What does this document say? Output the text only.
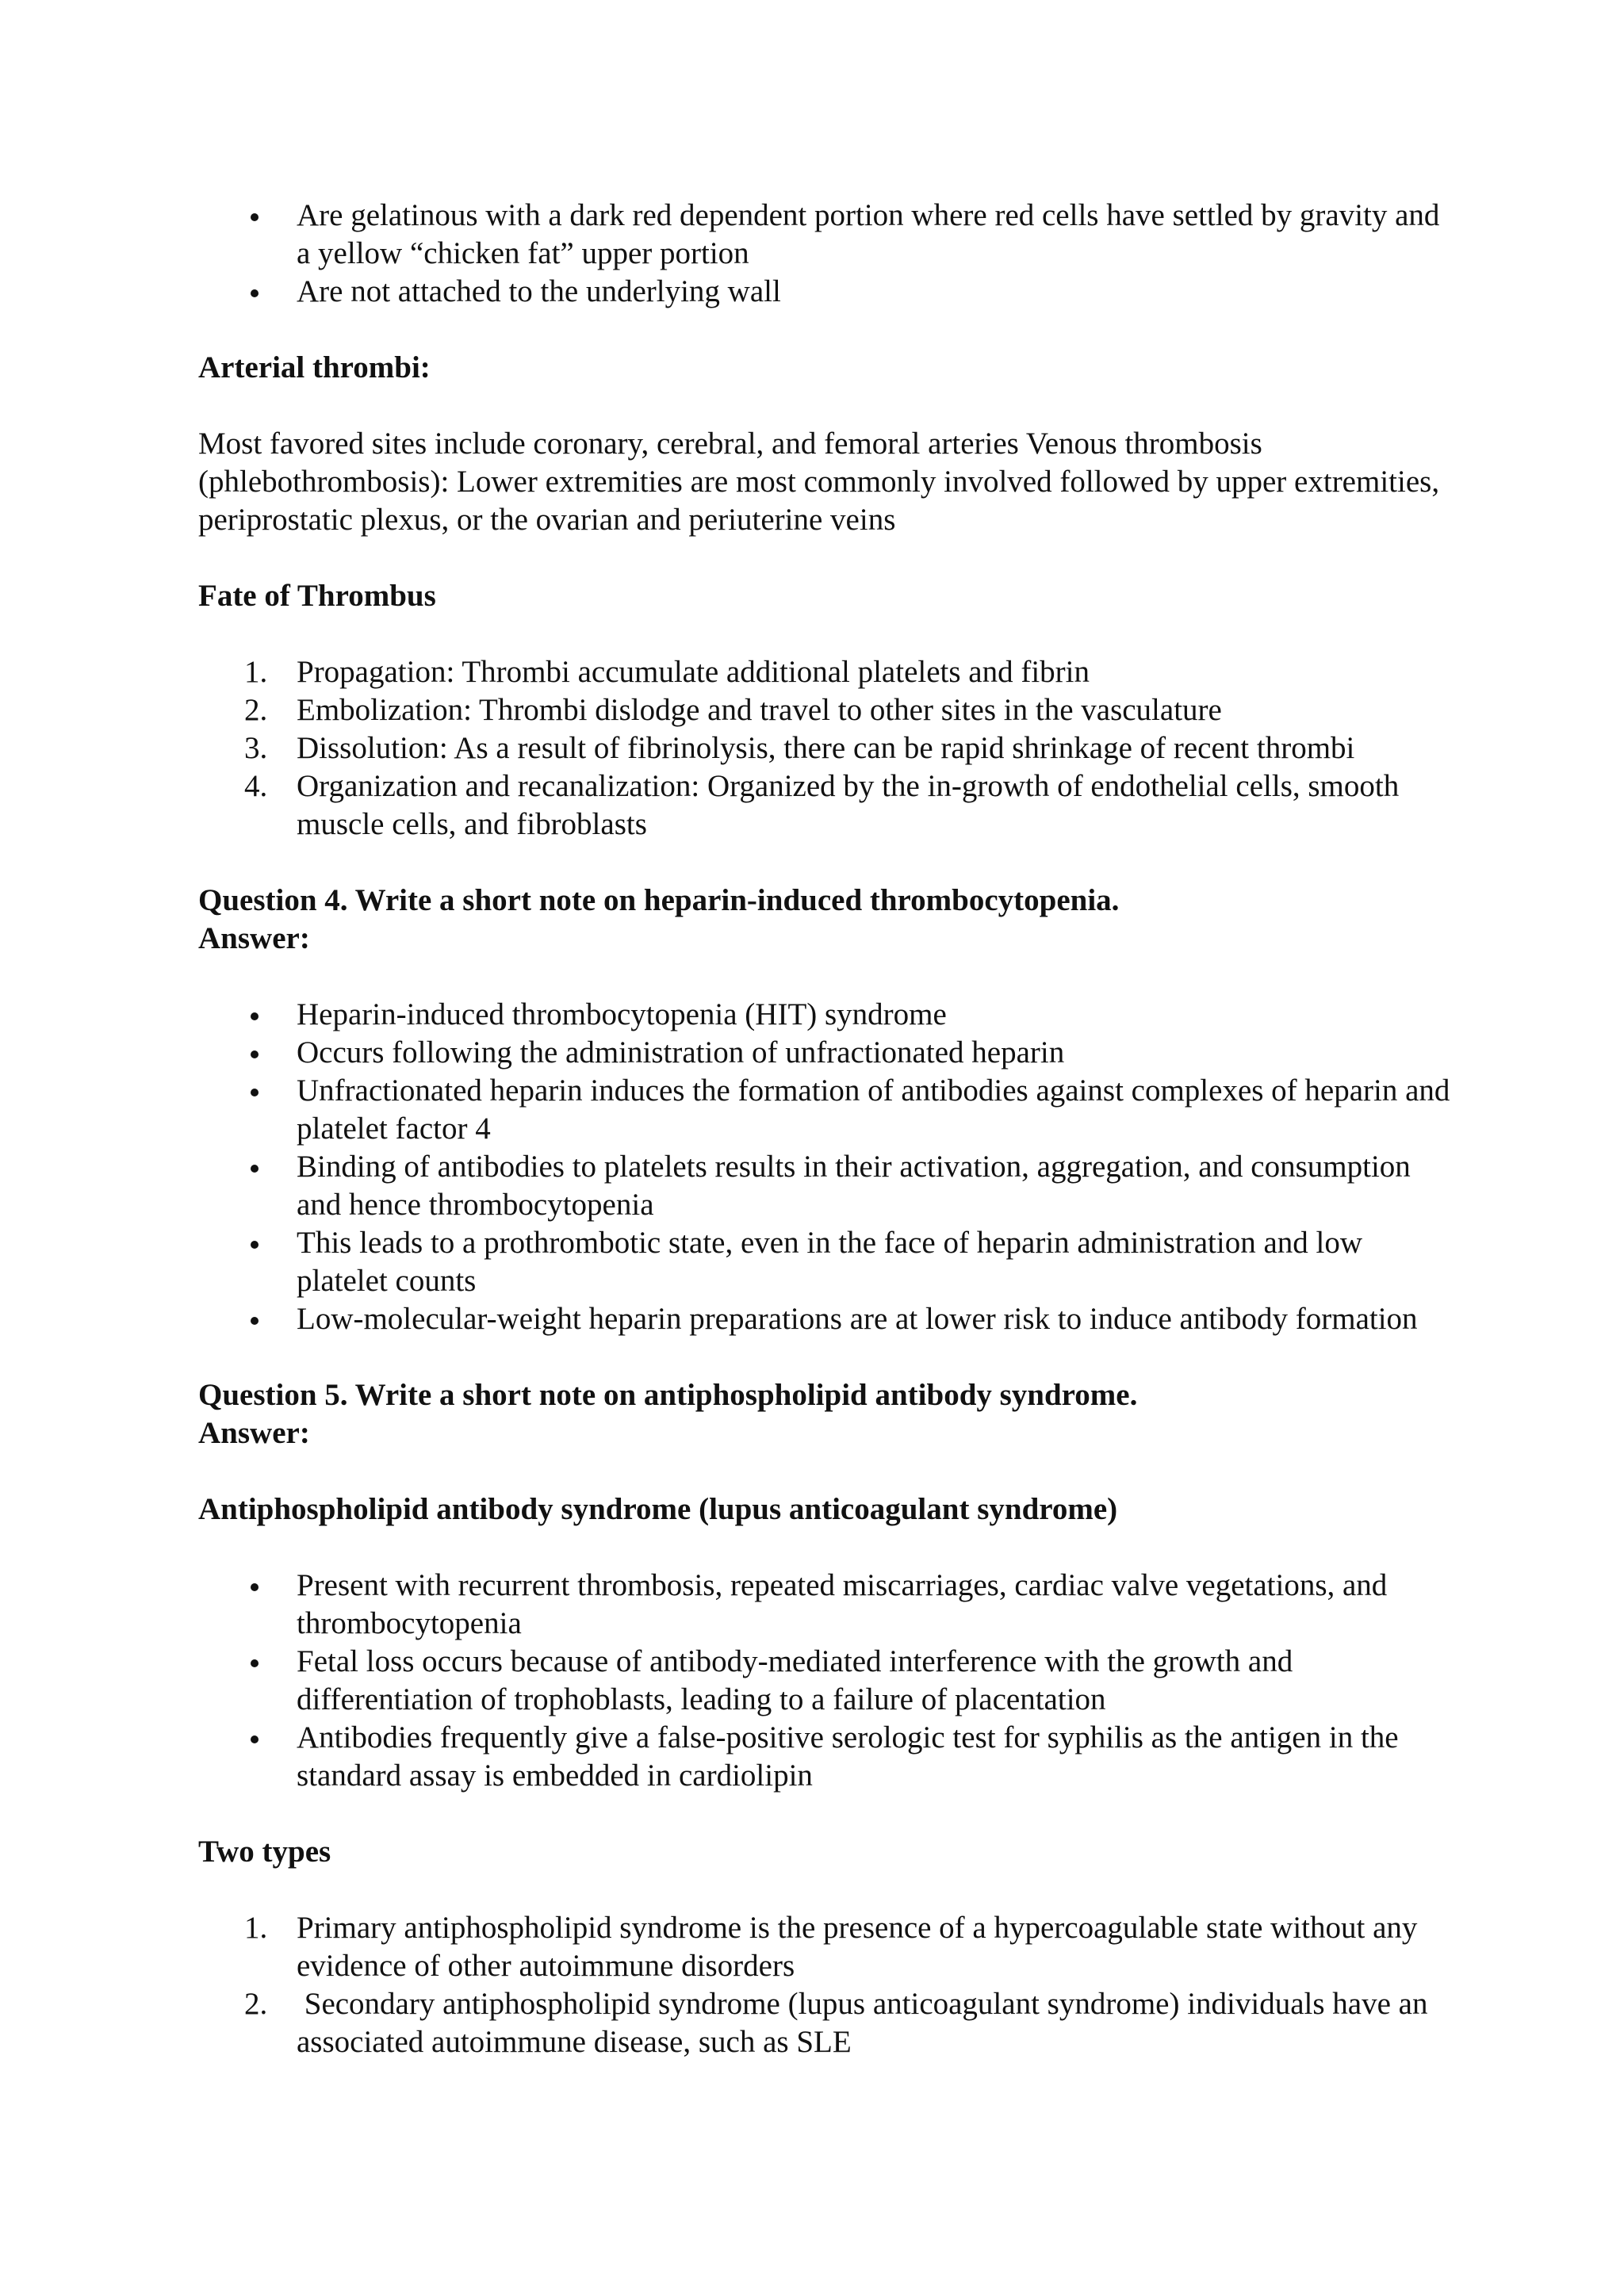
Are gelatinous with a dark red dependent portion where red cells have settled by gravity and a yellow “chicken fat” upper portion
Are not attached to the underlying wall

Arterial thrombi:

Most favored sites include coronary, cerebral, and femoral arteries Venous thrombosis (phlebothrombosis): Lower extremities are most commonly involved followed by upper extremities, periprostatic plexus, or the ovarian and periuterine veins

Fate of Thrombus

1. Propagation: Thrombi accumulate additional platelets and fibrin
2. Embolization: Thrombi dislodge and travel to other sites in the vasculature
3. Dissolution: As a result of fibrinolysis, there can be rapid shrinkage of recent thrombi
4. Organization and recanalization: Organized by the in-growth of endothelial cells, smooth muscle cells, and fibroblasts

Question 4. Write a short note on heparin-induced thrombocytopenia.

Answer:

Heparin-induced thrombocytopenia (HIT) syndrome
Occurs following the administration of unfractionated heparin
Unfractionated heparin induces the formation of antibodies against complexes of heparin and platelet factor 4
Binding of antibodies to platelets results in their activation, aggregation, and consumption and hence thrombocytopenia
This leads to a prothrombotic state, even in the face of heparin administration and low platelet counts
Low-molecular-weight heparin preparations are at lower risk to induce antibody formation

Question 5. Write a short note on antiphospholipid antibody syndrome.

Answer:

Antiphospholipid antibody syndrome (lupus anticoagulant syndrome)

Present with recurrent thrombosis, repeated miscarriages, cardiac valve vegetations, and thrombocytopenia
Fetal loss occurs because of antibody-mediated interference with the growth and differentiation of trophoblasts, leading to a failure of placentation
Antibodies frequently give a false-positive serologic test for syphilis as the antigen in the standard assay is embedded in cardiolipin

Two types

1. Primary antiphospholipid syndrome is the presence of a hypercoagulable state without any evidence of other autoimmune disorders
2. Secondary antiphospholipid syndrome (lupus anticoagulant syndrome) individuals have an associated autoimmune disease, such as SLE
